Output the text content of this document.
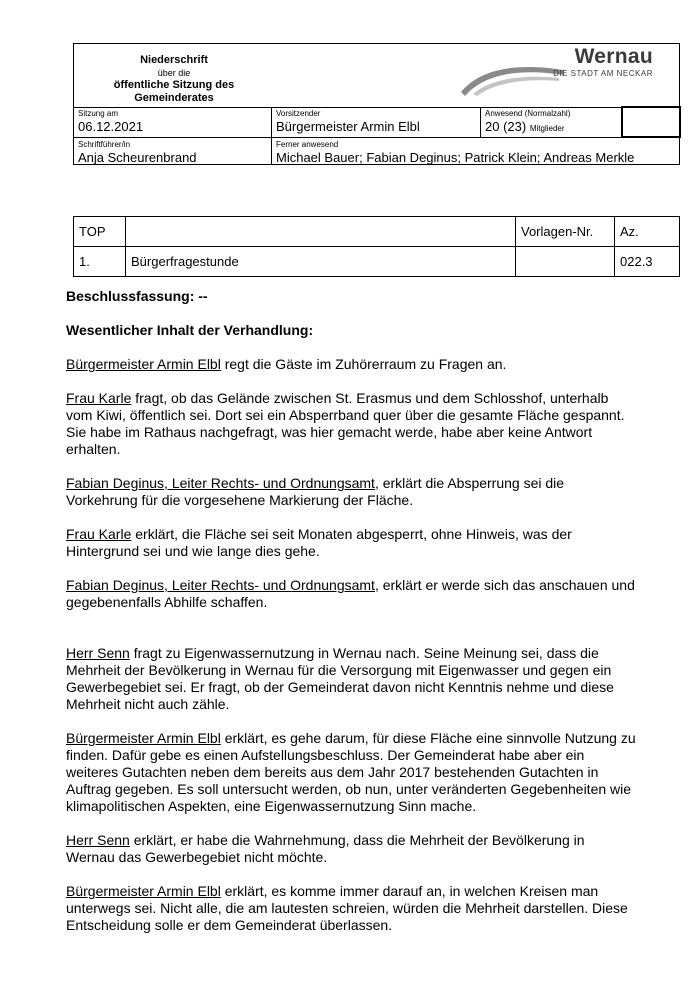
Niederschrift
über die
öffentliche Sitzung des
Gemeinderates
Wernau
DIE STADT AM NECKAR
Sitzung am
06.12.2021
Vorsitzender
Bürgermeister Armin Elbl
Anwesend (Normalzahl)
20 (23) Mitglieder
Schriftführer/in
Anja Scheurenbrand
Ferner anwesend
Michael Bauer; Fabian Deginus; Patrick Klein; Andreas Merkle
TOP		Vorlagen-Nr.	Az.
1.	Bürgerfragestunde		022.3

Beschlussfassung: --

Wesentlicher Inhalt der Verhandlung:

Bürgermeister Armin Elbl regt die Gäste im Zuhörerraum zu Fragen an.

Frau Karle fragt, ob das Gelände zwischen St. Erasmus und dem Schlosshof, unterhalb vom Kiwi, öffentlich sei. Dort sei ein Absperrband quer über die gesamte Fläche gespannt. Sie habe im Rathaus nachgefragt, was hier gemacht werde, habe aber keine Antwort erhalten.

Fabian Deginus, Leiter Rechts- und Ordnungsamt, erklärt die Absperrung sei die Vorkehrung für die vorgesehene Markierung der Fläche.

Frau Karle erklärt, die Fläche sei seit Monaten abgesperrt, ohne Hinweis, was der Hintergrund sei und wie lange dies gehe.

Fabian Deginus, Leiter Rechts- und Ordnungsamt, erklärt er werde sich das anschauen und gegebenenfalls Abhilfe schaffen.

Herr Senn fragt zu Eigenwassernutzung in Wernau nach. Seine Meinung sei, dass die Mehrheit der Bevölkerung in Wernau für die Versorgung mit Eigenwasser und gegen ein Gewerbegebiet sei. Er fragt, ob der Gemeinderat davon nicht Kenntnis nehme und diese Mehrheit nicht auch zähle.

Bürgermeister Armin Elbl erklärt, es gehe darum, für diese Fläche eine sinnvolle Nutzung zu finden. Dafür gebe es einen Aufstellungsbeschluss. Der Gemeinderat habe aber ein weiteres Gutachten neben dem bereits aus dem Jahr 2017 bestehenden Gutachten in Auftrag gegeben. Es soll untersucht werden, ob nun, unter veränderten Gegebenheiten wie klimapolitischen Aspekten, eine Eigenwassernutzung Sinn mache.

Herr Senn erklärt, er habe die Wahrnehmung, dass die Mehrheit der Bevölkerung in Wernau das Gewerbegebiet nicht möchte.

Bürgermeister Armin Elbl erklärt, es komme immer darauf an, in welchen Kreisen man unterwegs sei. Nicht alle, die am lautesten schreien, würden die Mehrheit darstellen. Diese Entscheidung solle er dem Gemeinderat überlassen.
